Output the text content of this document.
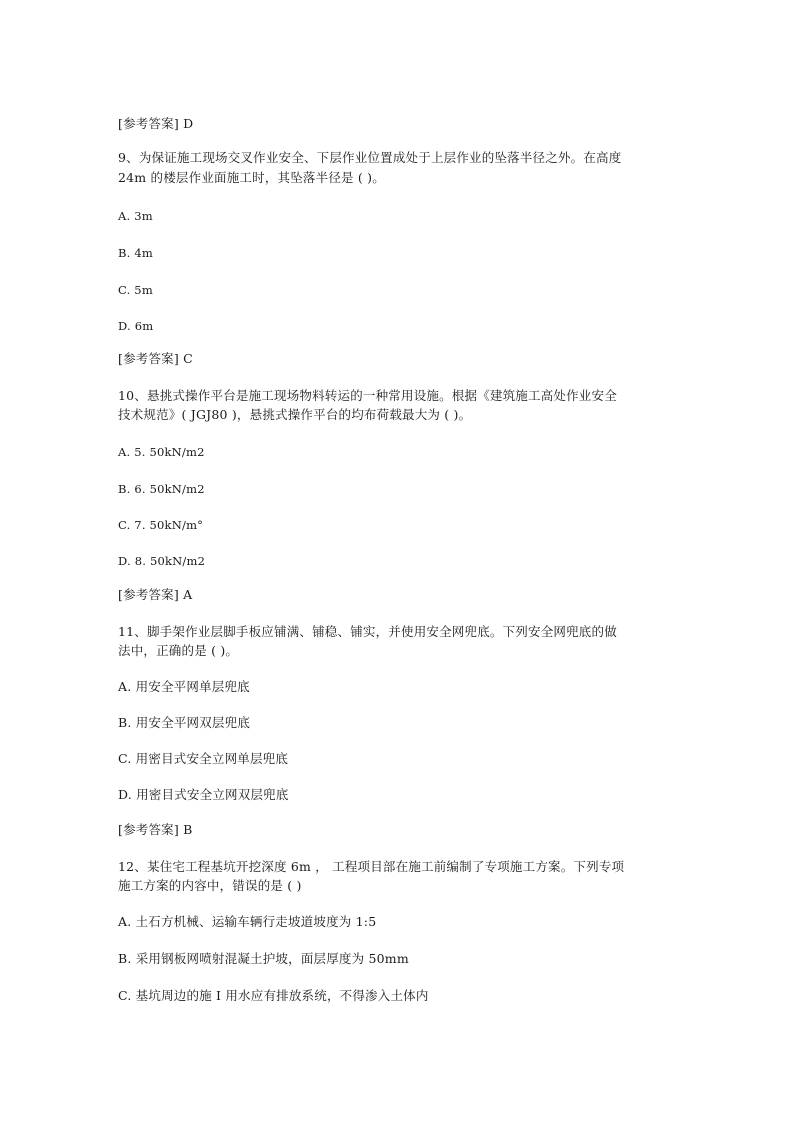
[参考答案] D
9、为保证施工现场交叉作业安全、下层作业位置成处于上层作业的坠落半径之外。在高度
24m 的楼层作业面施工时，其坠落半径是 ( )。
A. 3m
B. 4m
C. 5m
D. 6m
[参考答案] C
10、悬挑式操作平台是施工现场物料转运的一种常用设施。根据《建筑施工高处作业安全
技术规范》( JGJ80 )，悬挑式操作平台的均布荷载最大为 ( )。
A. 5. 50kN/m2
B. 6. 50kN/m2
C. 7. 50kN/m°
D. 8. 50kN/m2
[参考答案] A
11、脚手架作业层脚手板应铺满、铺稳、铺实，并使用安全网兜底。下列安全网兜底的做
法中，正确的是 ( )。
A. 用安全平网单层兜底
B. 用安全平网双层兜底
C. 用密目式安全立网单层兜底
D. 用密目式安全立网双层兜底
[参考答案] B
12、某住宅工程基坑开挖深度 6m ， 工程项目部在施工前编制了专项施工方案。下列专项
施工方案的内容中，错误的是 ( )
A. 土石方机械、运输车辆行走坡道坡度为 1:5
B. 采用钢板网喷射混凝土护坡，面层厚度为 50mm
C. 基坑周边的施 I 用水应有排放系统，不得渗入土体内
